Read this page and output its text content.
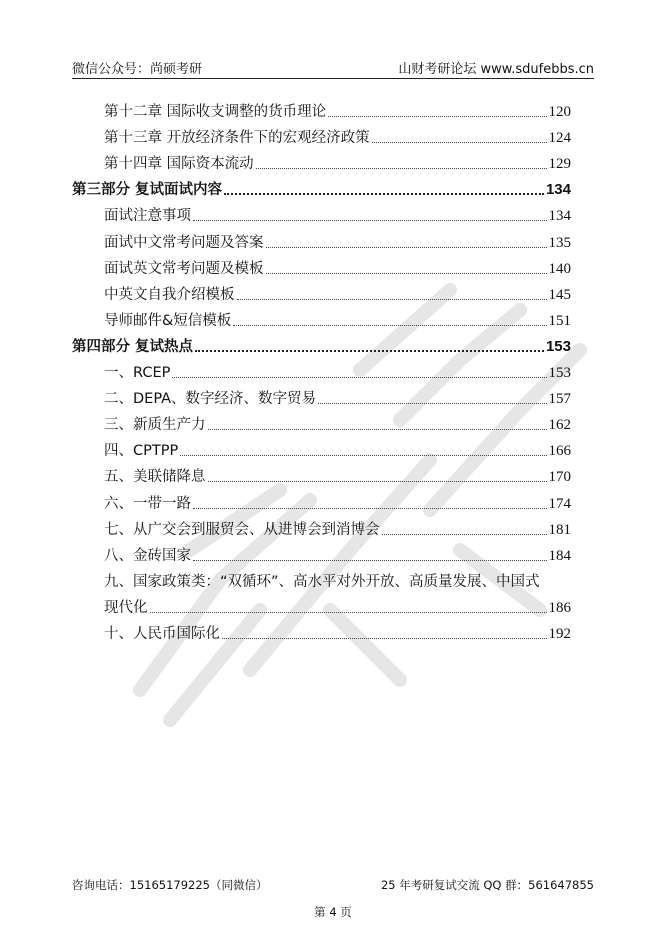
微信公众号：尚硕考研	山财考研论坛 www.sdufebbs.cn
第十二章 国际收支调整的货币理论	120
第十三章 开放经济条件下的宏观经济政策	124
第十四章 国际资本流动	129
第三部分 复试面试内容	134
面试注意事项	134
面试中文常考问题及答案	135
面试英文常考问题及模板	140
中英文自我介绍模板	145
导师邮件&短信模板	151
第四部分 复试热点	153
一、RCEP	153
二、DEPA、数字经济、数字贸易	157
三、新质生产力	162
四、CPTPP	166
五、美联储降息	170
六、一带一路	174
七、从广交会到服贸会、从进博会到消博会	181
八、金砖国家	184
九、国家政策类：“双循环”、高水平对外开放、高质量发展、中国式
现代化	186
十、人民币国际化	192
咨询电话：15165179225（同微信）	25 年考研复试交流 QQ 群：561647855
第 4 页
